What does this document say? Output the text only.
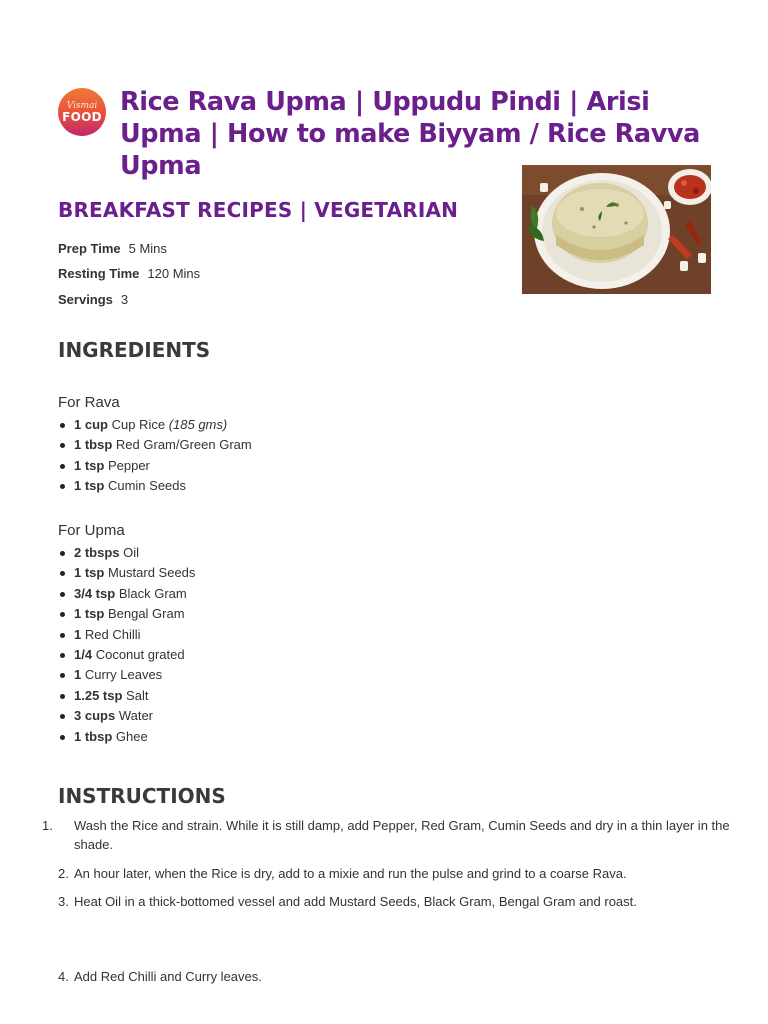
Vismai
FOOD Rice Rava Upma | Uppudu Pindi | Arisi Upma | How to make Biyyam / Rice Ravva Upma
BREAKFAST RECIPES | VEGETARIAN
Prep Time 5 Mins
Resting Time 120 Mins
Servings 3
INGREDIENTS
For Rava
1 cup Cup Rice (185 gms)
1 tbsp Red Gram/Green Gram
1 tsp Pepper
1 tsp Cumin Seeds
For Upma
2 tbsps Oil
1 tsp Mustard Seeds
3/4 tsp Black Gram
1 tsp Bengal Gram
1 Red Chilli
1/4 Coconut grated
1 Curry Leaves
1.25 tsp Salt
3 cups Water
1 tbsp Ghee
INSTRUCTIONS
1. Wash the Rice and strain. While it is still damp, add Pepper, Red Gram, Cumin Seeds and dry in a thin layer in the shade.
2. An hour later, when the Rice is dry, add to a mixie and run the pulse and grind to a coarse Rava.
3. Heat Oil in a thick-bottomed vessel and add Mustard Seeds, Black Gram, Bengal Gram and roast.
4. Add Red Chilli and Curry leaves.
